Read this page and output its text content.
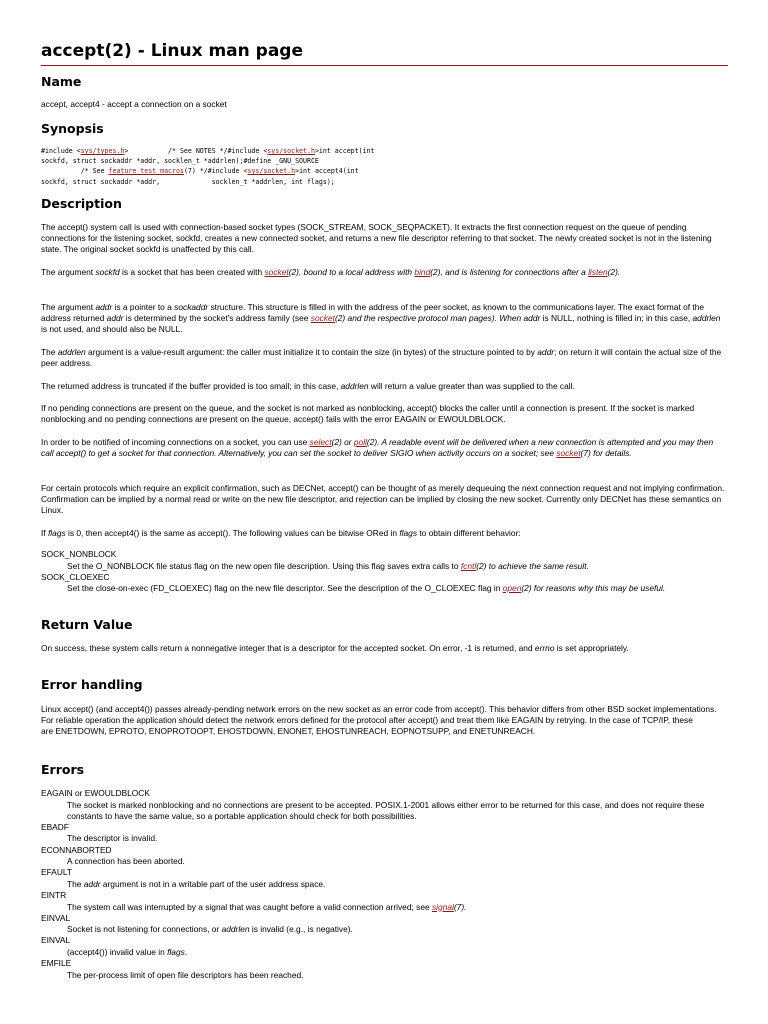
accept(2) - Linux man page
Name

accept, accept4 - accept a connection on a socket

Synopsis
#include <sys/types.h>          /* See NOTES */#include <sys/socket.h>int accept(int
sockfd, struct sockaddr *addr, socklen_t *addrlen);#define _GNU_SOURCE
/* See feature_test_macros(7) */#include <sys/socket.h>int accept4(int
sockfd, struct sockaddr *addr,             socklen_t *addrlen, int flags);
Description

The accept() system call is used with connection-based socket types (SOCK_STREAM, SOCK_SEQPACKET). It extracts the first connection request on the queue of pending connections for the listening socket, sockfd, creates a new connected socket, and returns a new file descriptor referring to that socket. The newly created socket is not in the listening state. The original socket sockfd is unaffected by this call.

The argument sockfd is a socket that has been created with socket(2), bound to a local address with bind(2), and is listening for connections after a listen(2).

The argument addr is a pointer to a sockaddr structure. This structure is filled in with the address of the peer socket, as known to the communications layer. The exact format of the address returned addr is determined by the socket's address family (see socket(2) and the respective protocol man pages). When addr is NULL, nothing is filled in; in this case, addrlen is not used, and should also be NULL.

The addrlen argument is a value-result argument: the caller must initialize it to contain the size (in bytes) of the structure pointed to by addr; on return it will contain the actual size of the peer address.

The returned address is truncated if the buffer provided is too small; in this case, addrlen will return a value greater than was supplied to the call.

If no pending connections are present on the queue, and the socket is not marked as nonblocking, accept() blocks the caller until a connection is present. If the socket is marked nonblocking and no pending connections are present on the queue, accept() fails with the error EAGAIN or EWOULDBLOCK.

In order to be notified of incoming connections on a socket, you can use select(2) or poll(2). A readable event will be delivered when a new connection is attempted and you may then call accept() to get a socket for that connection. Alternatively, you can set the socket to deliver SIGIO when activity occurs on a socket; see socket(7) for details.

For certain protocols which require an explicit confirmation, such as DECNet, accept() can be thought of as merely dequeuing the next connection request and not implying confirmation. Confirmation can be implied by a normal read or write on the new file descriptor, and rejection can be implied by closing the new socket. Currently only DECNet has these semantics on Linux.

If flags is 0, then accept4() is the same as accept(). The following values can be bitwise ORed in flags to obtain different behavior:

SOCK_NONBLOCK
Set the O_NONBLOCK file status flag on the new open file description. Using this flag saves extra calls to fcntl(2) to achieve the same result.
SOCK_CLOEXEC
Set the close-on-exec (FD_CLOEXEC) flag on the new file descriptor. See the description of the O_CLOEXEC flag in open(2) for reasons why this may be useful.
Return Value

On success, these system calls return a nonnegative integer that is a descriptor for the accepted socket. On error, -1 is returned, and errno is set appropriately.

Error handling

Linux accept() (and accept4()) passes already-pending network errors on the new socket as an error code from accept(). This behavior differs from other BSD socket implementations. For reliable operation the application should detect the network errors defined for the protocol after accept() and treat them like EAGAIN by retrying. In the case of TCP/IP, these
are ENETDOWN, EPROTO, ENOPROTOOPT, EHOSTDOWN, ENONET, EHOSTUNREACH, EOPNOTSUPP, and ENETUNREACH.

Errors
EAGAIN or EWOULDBLOCK
The socket is marked nonblocking and no connections are present to be accepted. POSIX.1-2001 allows either error to be returned for this case, and does not require these constants to have the same value, so a portable application should check for both possibilities.
EBADF
The descriptor is invalid.
ECONNABORTED
A connection has been aborted.
EFAULT
The addr argument is not in a writable part of the user address space.
EINTR
The system call was interrupted by a signal that was caught before a valid connection arrived; see signal(7).
EINVAL
Socket is not listening for connections, or addrlen is invalid (e.g., is negative).
EINVAL
(accept4()) invalid value in flags.
EMFILE
The per-process limit of open file descriptors has been reached.
